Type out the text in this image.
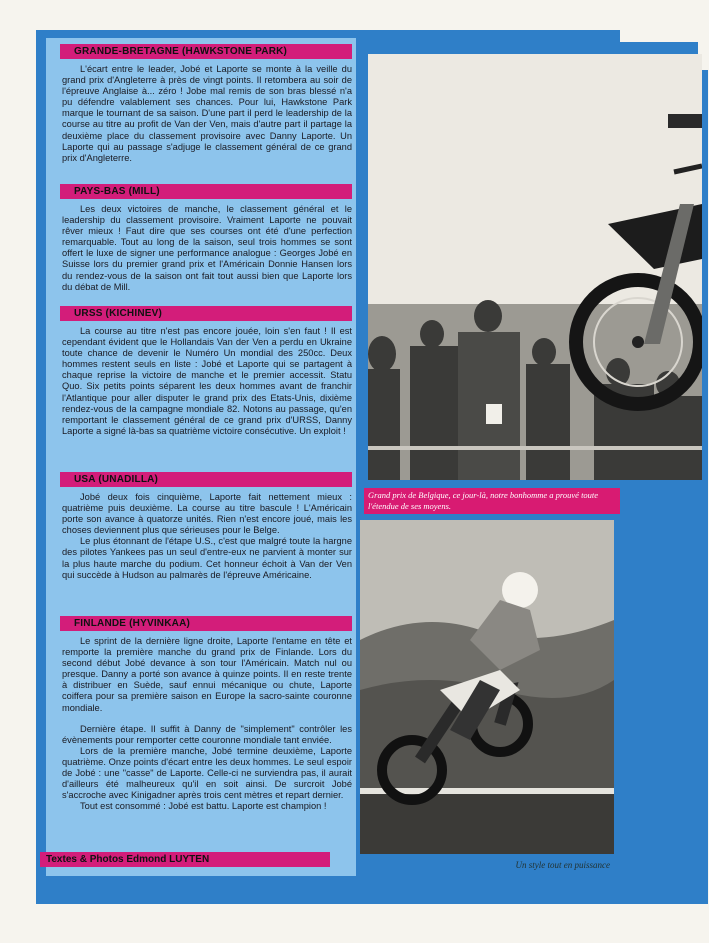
Grand prix de Belgique, ce jour-là, notre bonhomme a prouvé toute l'étendue de ses moyens.
Un style tout en puissance
GRANDE-BRETAGNE (HAWKSTONE PARK)

L'écart entre le leader, Jobé et Laporte se monte à la veille du grand prix d'Angleterre à près de vingt points. Il retombera au soir de l'épreuve Anglaise à... zéro ! Jobe mal remis de son bras blessé n'a pu défendre valablement ses chances. Pour lui, Hawkstone Park marque le tournant de sa saison. D'une part il perd le leadership de la course au titre au profit de Van der Ven, mais d'autre part il partage la deuxième place du classement provisoire avec Danny Laporte. Un Laporte qui au passage s'adjuge le classement général de ce grand prix d'Angleterre.

PAYS-BAS (MILL)

Les deux victoires de manche, le classement général et le leadership du classement provisoire. Vraiment Laporte ne pouvait rêver mieux ! Faut dire que ses courses ont été d'une perfection remarquable. Tout au long de la saison, seul trois hommes se sont offert le luxe de signer une performance analogue : Georges Jobé en Suisse lors du premier grand prix et l'Américain Donnie Hansen lors du rendez-vous de la saison ont fait tout aussi bien que Laporte lors du débat de Mill.

URSS (KICHINEV)

La course au titre n'est pas encore jouée, loin s'en faut ! Il est cependant évident que le Hollandais Van der Ven a perdu en Ukraine toute chance de devenir le Numéro Un mondial des 250cc. Deux hommes restent seuls en liste : Jobé et Laporte qui se partagent à chaque reprise la victoire de manche et le premier accessit. Statu Quo. Six petits points séparent les deux hommes avant de franchir l'Atlantique pour aller disputer le grand prix des Etats-Unis, dixième rendez-vous de la campagne mondiale 82. Notons au passage, qu'en remportant le classement général de ce grand prix d'URSS, Danny Laporte a signé là-bas sa quatrième victoire consécutive. Un exploit !

USA (UNADILLA)

Jobé deux fois cinquième, Laporte fait nettement mieux : quatrième puis deuxième. La course au titre bascule ! L'Américain porte son avance à quatorze unités. Rien n'est encore joué, mais les choses deviennent plus que sérieuses pour le Belge.

Le plus étonnant de l'étape U.S., c'est que malgré toute la hargne des pilotes Yankees pas un seul d'entre-eux ne parvient à monter sur la plus haute marche du podium. Cet honneur échoit à Van der Ven qui succède à Hudson au palmarès de l'épreuve Américaine.

FINLANDE (HYVINKAA)

Le sprint de la dernière ligne droite, Laporte l'entame en tête et remporte la première manche du grand prix de Finlande. Lors du second début Jobé devance à son tour l'Américain. Match nul ou presque. Danny a porté son avance à quinze points. Il en reste trente à distribuer en Suède, sauf ennui mécanique ou chute, Laporte coiffera pour sa première saison en Europe la sacro-sainte couronne mondiale.

Dernière étape. Il suffit à Danny de "simplement" contrôler les évènements pour remporter cette couronne mondiale tant enviée.

Lors de la première manche, Jobé termine deuxième, Laporte quatrième. Onze points d'écart entre les deux hommes. Le seul espoir de Jobé : une "casse" de Laporte. Celle-ci ne surviendra pas, il aurait d'ailleurs été malheureux qu'il en soit ainsi. De surcroit Jobé s'accroche avec Kinigadner après trois cent mètres et repart dernier.

Tout est consommé : Jobé est battu. Laporte est champion !

Textes & Photos Edmond LUYTEN
